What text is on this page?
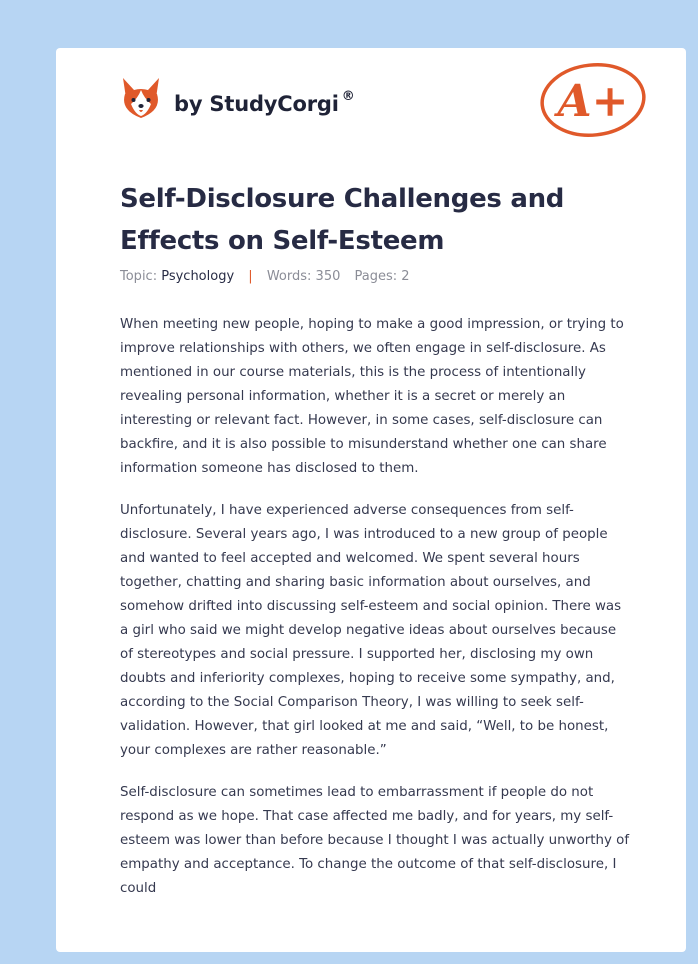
by StudyCorgi ®	A+
Self-Disclosure Challenges and Effects on Self-Esteem
Topic: Psychology | Words: 350 Pages: 2

When meeting new people, hoping to make a good impression, or trying to improve relationships with others, we often engage in self-disclosure. As mentioned in our course materials, this is the process of intentionally revealing personal information, whether it is a secret or merely an interesting or relevant fact. However, in some cases, self-disclosure can backfire, and it is also possible to misunderstand whether one can share information someone has disclosed to them.

Unfortunately, I have experienced adverse consequences from self-disclosure. Several years ago, I was introduced to a new group of people and wanted to feel accepted and welcomed. We spent several hours together, chatting and sharing basic information about ourselves, and somehow drifted into discussing self-esteem and social opinion. There was a girl who said we might develop negative ideas about ourselves because of stereotypes and social pressure. I supported her, disclosing my own doubts and inferiority complexes, hoping to receive some sympathy, and, according to the Social Comparison Theory, I was willing to seek self-validation. However, that girl looked at me and said, “Well, to be honest, your complexes are rather reasonable.”

Self-disclosure can sometimes lead to embarrassment if people do not respond as we hope. That case affected me badly, and for years, my self-esteem was lower than before because I thought I was actually unworthy of empathy and acceptance. To change the outcome of that self-disclosure, I could
